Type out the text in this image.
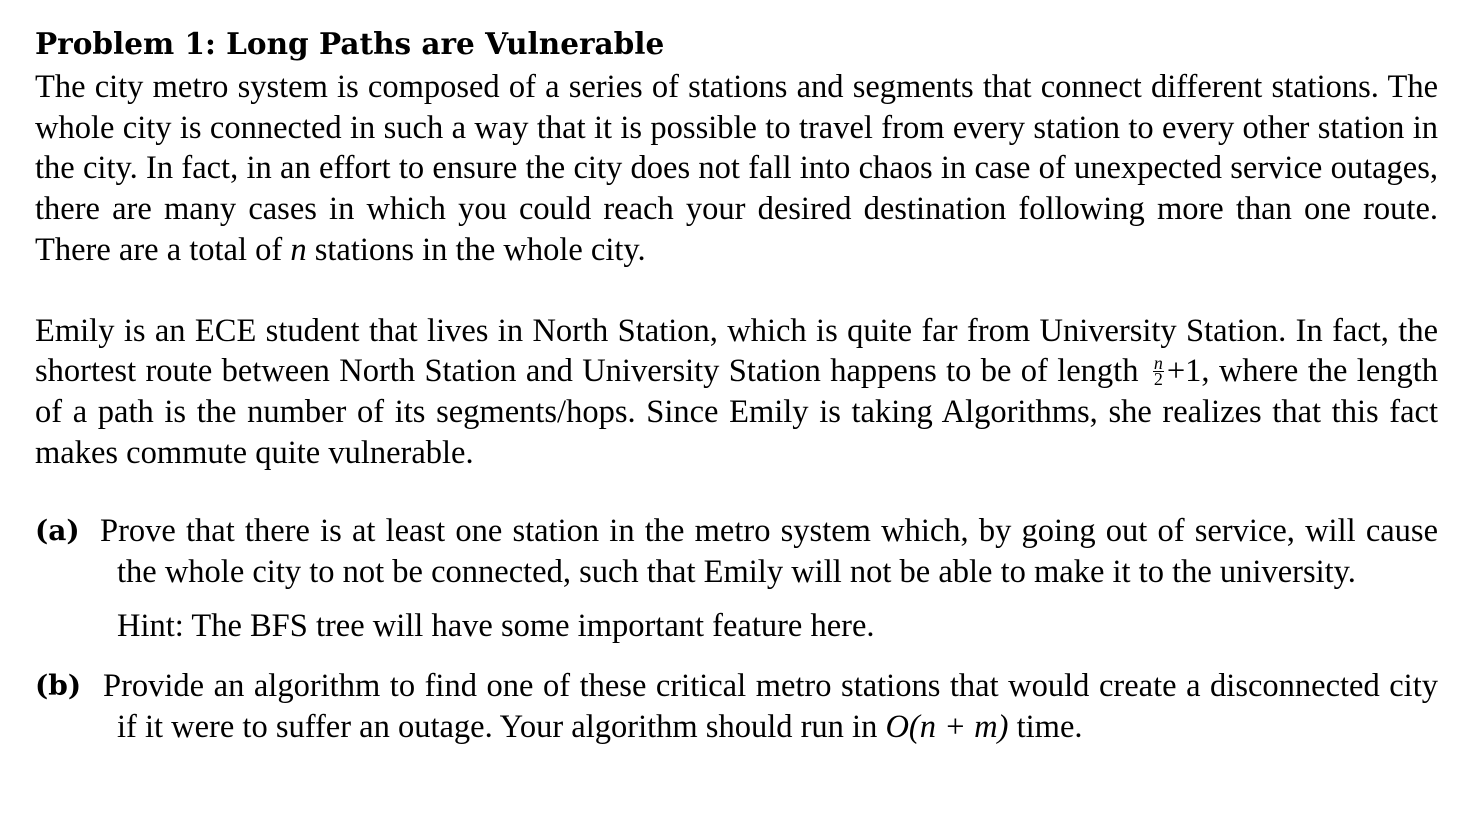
Problem 1: Long Paths are Vulnerable

The city metro system is composed of a series of stations and segments that connect different stations. The whole city is connected in such a way that it is possible to travel from every station to every other station in the city. In fact, in an effort to ensure the city does not fall into chaos in case of unexpected service outages, there are many cases in which you could reach your desired destination following more than one route. There are a total of n stations in the whole city.

Emily is an ECE student that lives in North Station, which is quite far from University Station. In fact, the shortest route between North Station and University Station happens to be of length $\frac{n}{2} +1$, where the length of a path is the number of its segments/hops. Since Emily is taking Algorithms, she realizes that this fact makes commute quite vulnerable.

(a) Prove that there is at least one station in the metro system which, by going out of service, will cause the whole city to not be connected, such that Emily will not be able to make it to the university.

Hint: The BFS tree will have some important feature here.

(b) Provide an algorithm to find one of these critical metro stations that would create a disconnected city if it were to suffer an outage. Your algorithm should run in O(n + m) time.
